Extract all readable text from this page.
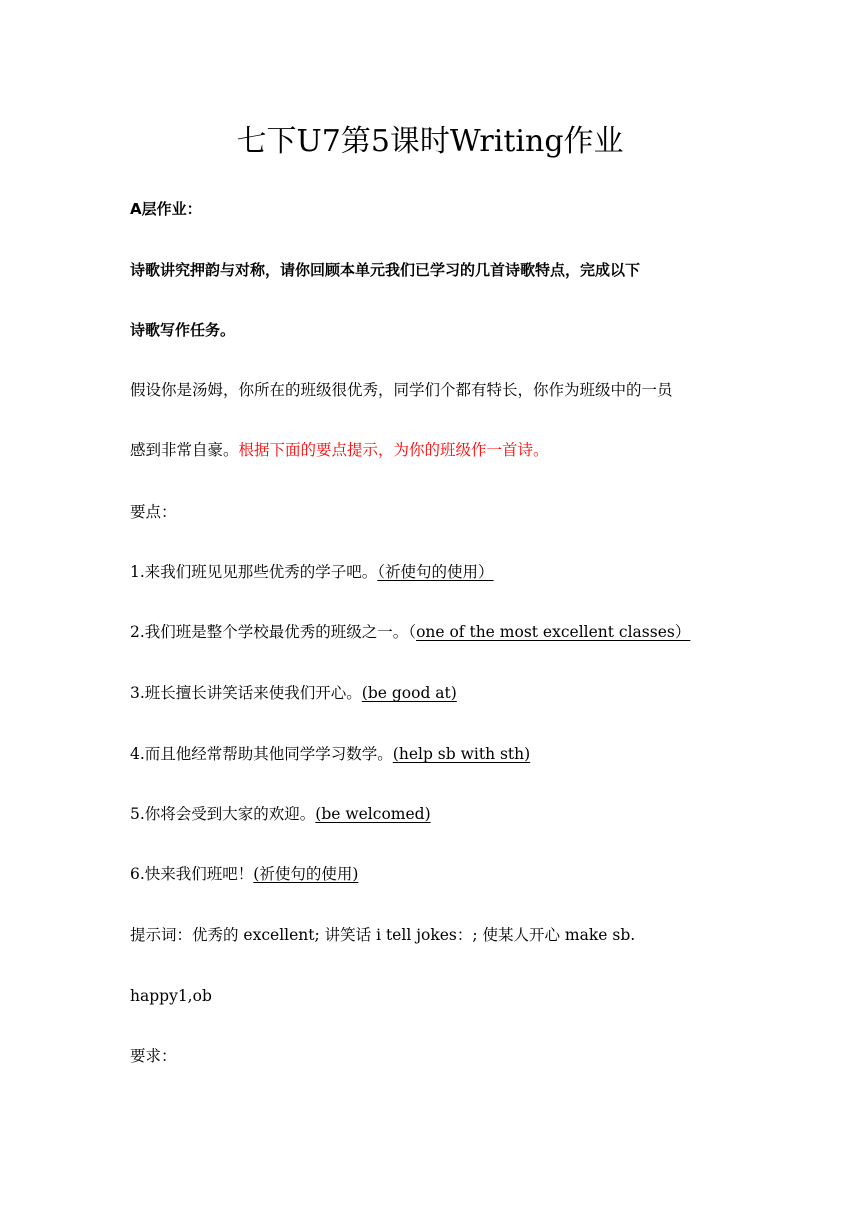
七下U7第5课时Writing作业
A层作业：
诗歌讲究押韵与对称，请你回顾本单元我们已学习的几首诗歌特点，完成以下
诗歌写作任务。
假设你是汤姆，你所在的班级很优秀，同学们个都有特长，你作为班级中的一员
感到非常自豪。根据下面的要点提示，为你的班级作一首诗。
要点：
1.来我们班见见那些优秀的学子吧。（祈使句的使用）
2.我们班是整个学校最优秀的班级之一。（one of the most excellent classes）
3.班长擅长讲笑话来使我们开心。(be good at)
4.而且他经常帮助其他同学学习数学。(help sb with sth)
5.你将会受到大家的欢迎。(be welcomed)
6.快来我们班吧！(祈使句的使用)
提示词：优秀的 excellent; 讲笑话 i tell jokes：; 使某人开心 make sb.
happy1,ob
要求：
